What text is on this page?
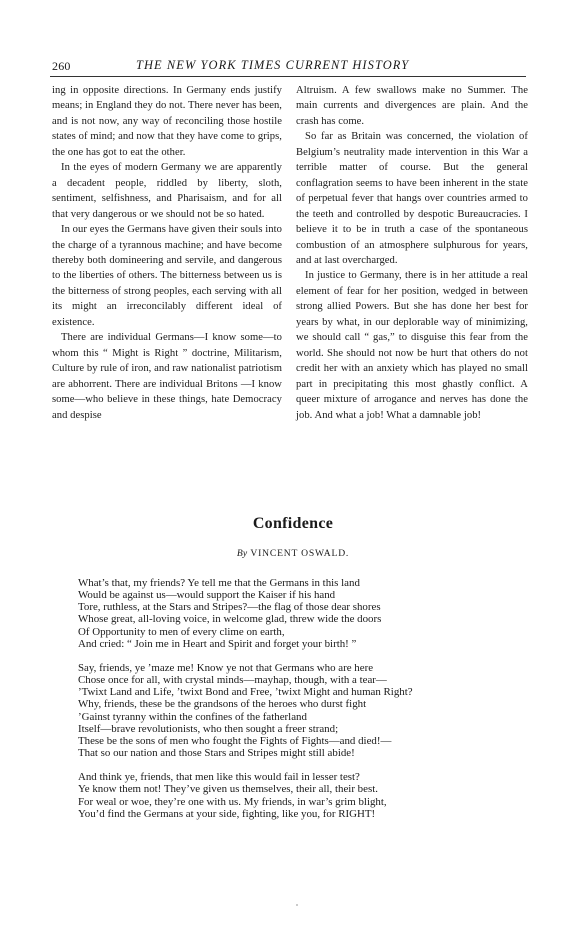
260	THE NEW YORK TIMES CURRENT HISTORY

ing in opposite directions. In Germany ends justify means; in England they do not. There never has been, and is not now, any way of reconciling those hostile states of mind; and now that they have come to grips, the one has got to eat the other.

In the eyes of modern Germany we are apparently a decadent people, riddled by liberty, sloth, sentiment, selfishness, and Pharisaism, and for all that very dangerous or we should not be so hated.

In our eyes the Germans have given their souls into the charge of a tyrannous machine; and have become thereby both domineering and servile, and dangerous to the liberties of others. The bitterness between us is the bitterness of strong peoples, each serving with all its might an irreconcilably different ideal of existence.

There are individual Germans—I know some—to whom this “ Might is Right ” doctrine, Militarism, Culture by rule of iron, and raw nationalist patriotism are abhorrent. There are individual Britons —I know some—who believe in these things, hate Democracy and despise

Altruism. A few swallows make no Summer. The main currents and divergences are plain. And the crash has come.

So far as Britain was concerned, the violation of Belgium’s neutrality made intervention in this War a terrible matter of course. But the general conflagration seems to have been inherent in the state of perpetual fever that hangs over countries armed to the teeth and controlled by despotic Bureaucracies. I believe it to be in truth a case of the spontaneous combustion of an atmosphere sulphurous for years, and at last overcharged.

In justice to Germany, there is in her attitude a real element of fear for her position, wedged in between strong allied Powers. But she has done her best for years by what, in our deplorable way of minimizing, we should call “ gas,” to disguise this fear from the world. She should not now be hurt that others do not credit her with an anxiety which has played no small part in precipitating this most ghastly conflict. A queer mixture of arrogance and nerves has done the job. And what a job! What a damnable job!

Confidence
By VINCENT OSWALD.
What’s that, my friends? Ye tell me that the Germans in this land
Would be against us—would support the Kaiser if his hand
Tore, ruthless, at the Stars and Stripes?—the flag of those dear shores
Whose great, all-loving voice, in welcome glad, threw wide the doors
Of Opportunity to men of every clime on earth,
And cried: “ Join me in Heart and Spirit and forget your birth! ”
Say, friends, ye ’maze me! Know ye not that Germans who are here
Chose once for all, with crystal minds—mayhap, though, with a tear—
’Twixt Land and Life, ’twixt Bond and Free, ’twixt Might and human Right?
Why, friends, these be the grandsons of the heroes who durst fight
’Gainst tyranny within the confines of the fatherland
Itself—brave revolutionists, who then sought a freer strand;
These be the sons of men who fought the Fights of Fights—and died!—
That so our nation and those Stars and Stripes might still abide!
And think ye, friends, that men like this would fail in lesser test?
Ye know them not! They’ve given us themselves, their all, their best.
For weal or woe, they’re one with us. My friends, in war’s grim blight,
You’d find the Germans at your side, fighting, like you, for RIGHT!
